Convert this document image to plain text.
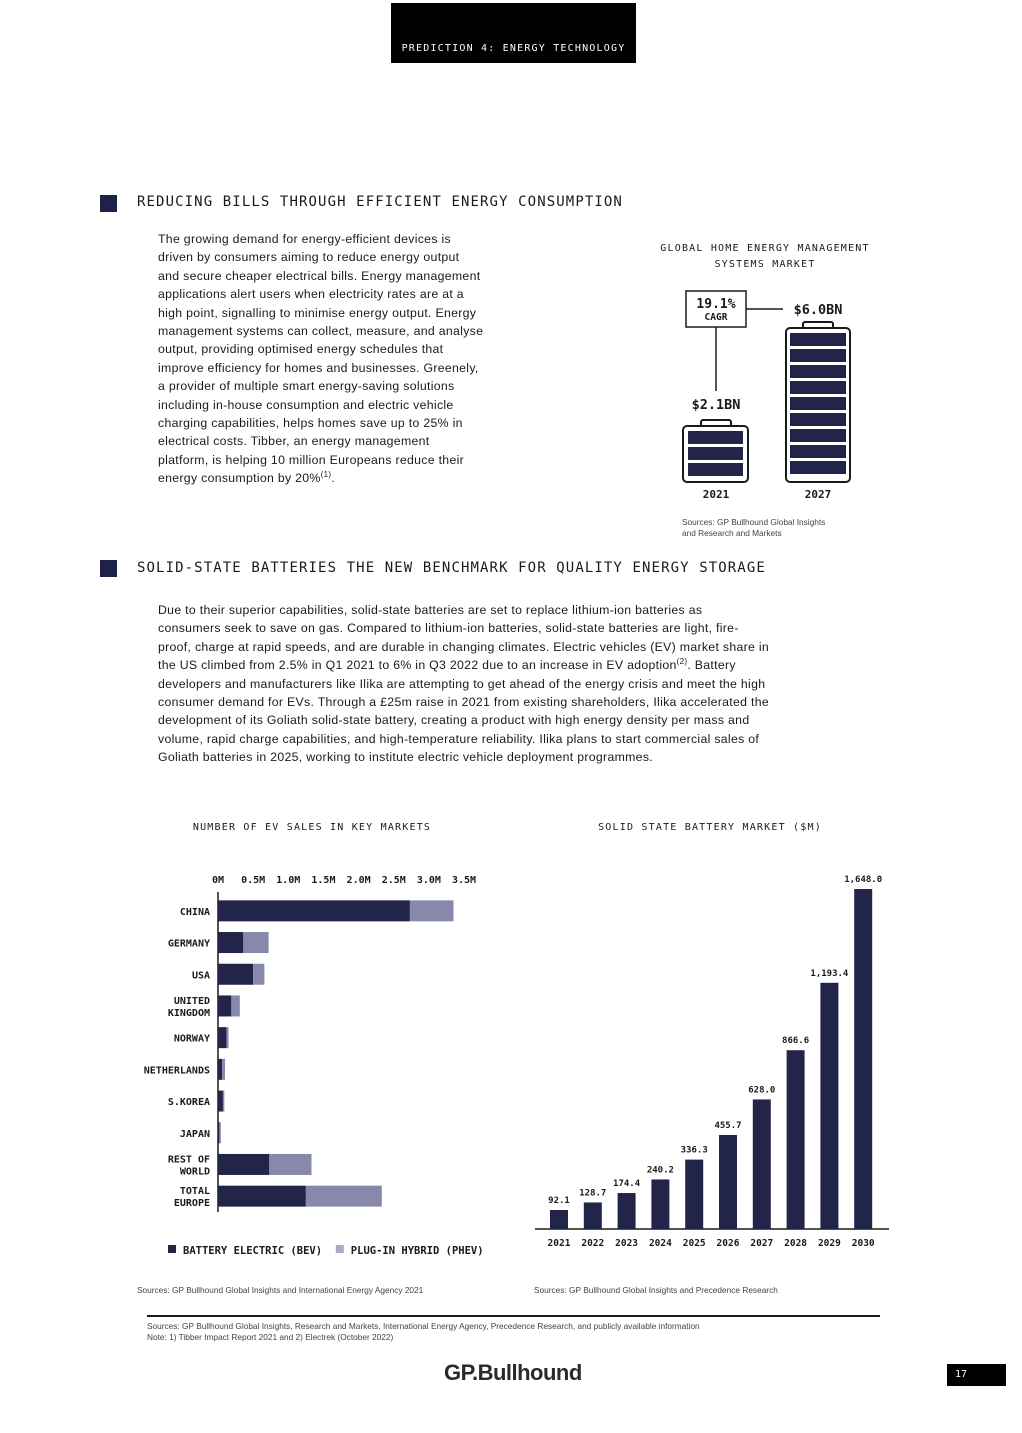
PREDICTION 4: ENERGY TECHNOLOGY
REDUCING BILLS THROUGH EFFICIENT ENERGY CONSUMPTION
The growing demand for energy-efficient devices is
driven by consumers aiming to reduce energy output
and secure cheaper electrical bills. Energy management
applications alert users when electricity rates are at a
high point, signalling to minimise energy output. Energy
management systems can collect, measure, and analyse
output, providing optimised energy schedules that
improve efficiency for homes and businesses. Greenely,
a provider of multiple smart energy-saving solutions
including in-house consumption and electric vehicle
charging capabilities, helps homes save up to 25% in
electrical costs. Tibber, an energy management
platform, is helping 10 million Europeans reduce their
energy consumption by 20%$^{(1)}$.
GLOBAL HOME ENERGY MANAGEMENT
SYSTEMS MARKET
19.1%
CAGR	$6.0BN
$2.1BN
2021	2027
Sources: GP Bullhound Global Insights
and Research and Markets
SOLID-STATE BATTERIES THE NEW BENCHMARK FOR QUALITY ENERGY STORAGE
Due to their superior capabilities, solid-state batteries are set to replace lithium-ion batteries as
consumers seek to save on gas. Compared to lithium-ion batteries, solid-state batteries are light, fire-
proof, charge at rapid speeds, and are durable in changing climates. Electric vehicles (EV) market share in
the US climbed from 2.5% in Q1 2021 to 6% in Q3 2022 due to an increase in EV adoption$^{(2)}$. Battery
developers and manufacturers like Ilika are attempting to get ahead of the energy crisis and meet the high
consumer demand for EVs. Through a £25m raise in 2021 from existing shareholders, Ilika accelerated the
development of its Goliath solid-state battery, creating a product with high energy density per mass and
volume, rapid charge capabilities, and high-temperature reliability. Ilika plans to start commercial sales of
Goliath batteries in 2025, working to institute electric vehicle deployment programmes.
NUMBER OF EV SALES IN KEY MARKETS
0M 0.5M 1.0M 1.5M 2.0M 2.5M 3.0M 3.5M
CHINA
GERMANY
USA
UNITED
KINGDOM
NORWAY
NETHERLANDS
S.KOREA
JAPAN
REST OF
WORLD
TOTAL
EUROPE
BATTERY ELECTRIC (BEV)	PLUG-IN HYBRID (PHEV)
Sources: GP Bullhound Global Insights and International Energy Agency 2021
SOLID STATE BATTERY MARKET ($M)
92.1
2021
128.7
2022
174.4
2023
240.2
2024
336.3
2025
455.7
2026
628.0
2027
866.6
2028
1,193.4
2029
1,648.0
2030
Sources: GP Bullhound Global Insights and Precedence Research
Sources: GP Bullhound Global Insights, Research and Markets, International Energy Agency, Precedence Research, and publicly available information
Note: 1) Tibber Impact Report 2021 and 2) Electrek (October 2022)
GP.Bullhound	17
